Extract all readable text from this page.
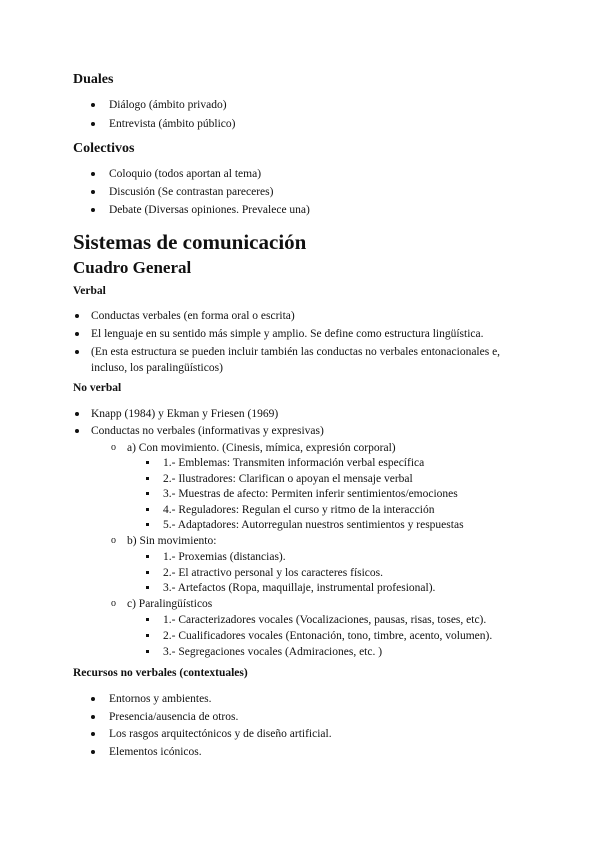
Duales
Diálogo (ámbito privado)
Entrevista (ámbito público)
Colectivos
Coloquio (todos aportan al tema)
Discusión (Se contrastan pareceres)
Debate (Diversas opiniones. Prevalece una)
Sistemas de comunicación
Cuadro General
Verbal
Conductas verbales (en forma oral o escrita)
El lenguaje en su sentido más simple y amplio. Se define como estructura lingüística.
(En esta estructura se pueden incluir también las conductas no verbales entonacionales e,
incluso, los paralingüísticos)
No verbal
Knapp (1984) y Ekman y Friesen (1969)
Conductas no verbales (informativas y expresivas)
o a) Con movimiento. (Cinesis, mímica, expresión corporal)
1.- Emblemas: Transmiten información verbal específica
2.- Ilustradores: Clarifican o apoyan el mensaje verbal
3.- Muestras de afecto: Permiten inferir sentimientos/emociones
4.- Reguladores: Regulan el curso y ritmo de la interacción
5.- Adaptadores: Autorregulan nuestros sentimientos y respuestas
o b) Sin movimiento:
1.- Proxemias (distancias).
2.- El atractivo personal y los caracteres físicos.
3.- Artefactos (Ropa, maquillaje, instrumental profesional).
o c) Paralingüísticos
1.- Caracterizadores vocales (Vocalizaciones, pausas, risas, toses, etc).
2.- Cualificadores vocales (Entonación, tono, timbre, acento, volumen).
3.- Segregaciones vocales (Admiraciones, etc. )
Recursos no verbales (contextuales)
Entornos y ambientes.
Presencia/ausencia de otros.
Los rasgos arquitectónicos y de diseño artificial.
Elementos icónicos.
